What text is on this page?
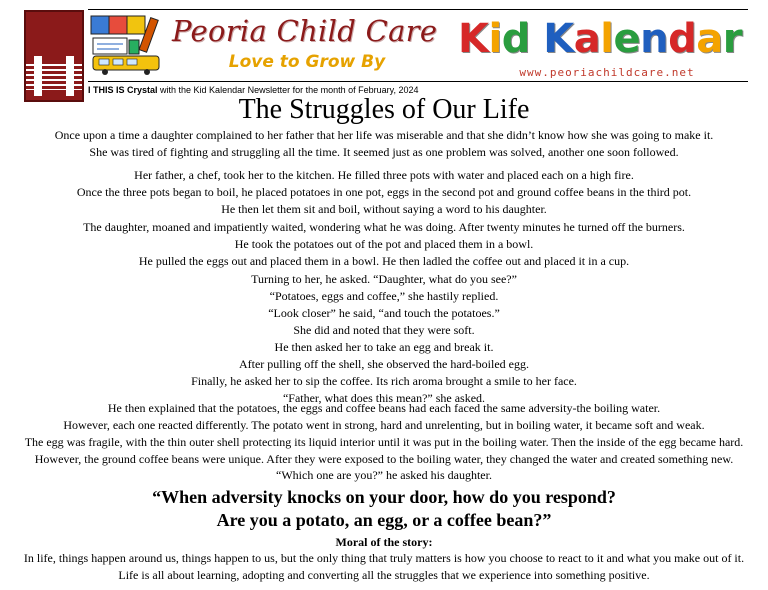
Peoria Child Care
Love to Grow By Kid Kalendar
www.peoriachildcare.net
I THIS IS Crystal with the Kid Kalendar Newsletter for the month of February, 2024
The Struggles of Our Life
Once upon a time a daughter complained to her father that her life was miserable and that she didn’t know how she was going to make it.
She was tired of fighting and struggling all the time. It seemed just as one problem was solved, another one soon followed.
Her father, a chef, took her to the kitchen. He filled three pots with water and placed each on a high fire.
Once the three pots began to boil, he placed potatoes in one pot, eggs in the second pot and ground coffee beans in the third pot.
He then let them sit and boil, without saying a word to his daughter.
The daughter, moaned and impatiently waited, wondering what he was doing. After twenty minutes he turned off the burners.
He took the potatoes out of the pot and placed them in a bowl.
He pulled the eggs out and placed them in a bowl. He then ladled the coffee out and placed it in a cup.
Turning to her, he asked. “Daughter, what do you see?”
“Potatoes, eggs and coffee,” she hastily replied.
“Look closer” he said, “and touch the potatoes.”
She did and noted that they were soft.
He then asked her to take an egg and break it.
After pulling off the shell, she observed the hard-boiled egg.
Finally, he asked her to sip the coffee. Its rich aroma brought a smile to her face.
“Father, what does this mean?” she asked.
He then explained that the potatoes, the eggs and coffee beans had each faced the same adversity-the boiling water.
However, each one reacted differently. The potato went in strong, hard and unrelenting, but in boiling water, it became soft and weak.
The egg was fragile, with the thin outer shell protecting its liquid interior until it was put in the boiling water. Then the inside of the egg became hard.
However, the ground coffee beans were unique. After they were exposed to the boiling water, they changed the water and created something new.
“Which one are you?” he asked his daughter.
“When adversity knocks on your door, how do you respond?
Are you a potato, an egg, or a coffee bean?”
Moral of the story:
In life, things happen around us, things happen to us, but the only thing that truly matters is how you choose to react to it and what you make out of it.
Life is all about learning, adopting and converting all the struggles that we experience into something positive.
